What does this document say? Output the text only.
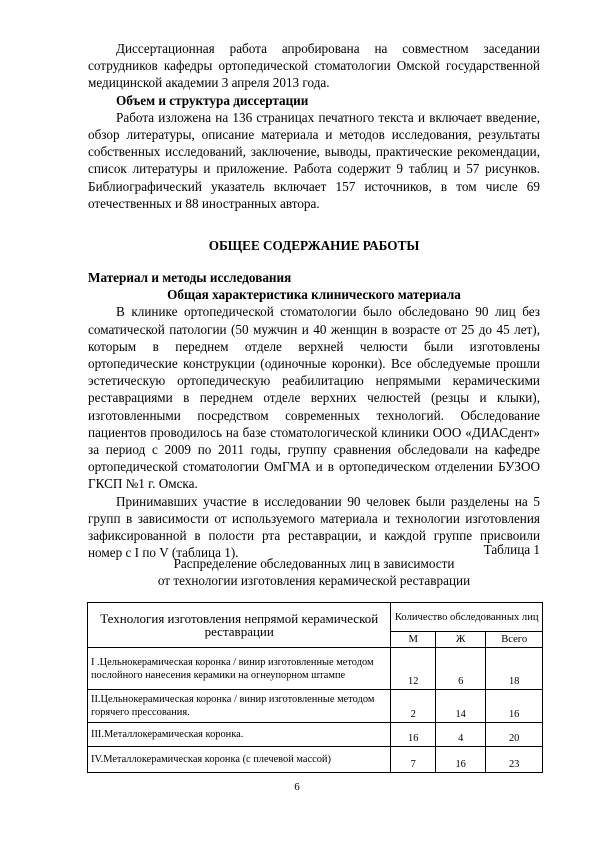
Диссертационная работа апробирована на совместном заседании сотрудников кафедры ортопедической стоматологии Омской государственной медицинской академии 3 апреля 2013 года.

Объем и структура диссертации

Работа изложена на 136 страницах печатного текста и включает введение, обзор литературы, описание материала и методов исследования, результаты собственных исследований, заключение, выводы, практические рекомендации, список литературы и приложение. Работа содержит 9 таблиц и 57 рисунков. Библиографический указатель включает 157 источников, в том числе 69 отечественных и 88 иностранных автора.

ОБЩЕЕ СОДЕРЖАНИЕ РАБОТЫ

Материал и методы исследования

Общая характеристика клинического материала

В клинике ортопедической стоматологии было обследовано 90 лиц без соматической патологии (50 мужчин и 40 женщин в возрасте от 25 до 45 лет), которым в переднем отделе верхней челюсти были изготовлены ортопедические конструкции (одиночные коронки). Все обследуемые прошли эстетическую ортопедическую реабилитацию непрямыми керамическими реставрациями в переднем отделе верхних челюстей (резцы и клыки), изготовленными посредством современных технологий. Обследование пациентов проводилось на базе стоматологической клиники ООО «ДИАСдент» за период с 2009 по 2011 годы, группу сравнения обследовали на кафедре ортопедической стоматологии ОмГМА и в ортопедическом отделении БУЗОО ГКСП №1 г. Омска.

Принимавших участие в исследовании 90 человек были разделены на 5 групп в зависимости от используемого материала и технологии изготовления зафиксированной в полости рта реставрации, и каждой группе присвоили номер с I по V (таблица 1).	Таблица 1
Распределение обследованных лиц в зависимости
от технологии изготовления керамической реставрации
Технология изготовления непрямой керамической реставрации	Количество обследованных лиц		
	М	Ж	Всего
I .Цельнокерамическая коронка / винир изготовленные методом послойного нанесения керамики на огнеупорном штампе	12	6	18
II.Цельнокерамическая коронка / винир изготовленные методом горячего прессования.	2	14	16
III.Металлокерамическая коронка.	16	4	20
IV.Металлокерамическая коронка (с плечевой массой)	7	16	23
6
